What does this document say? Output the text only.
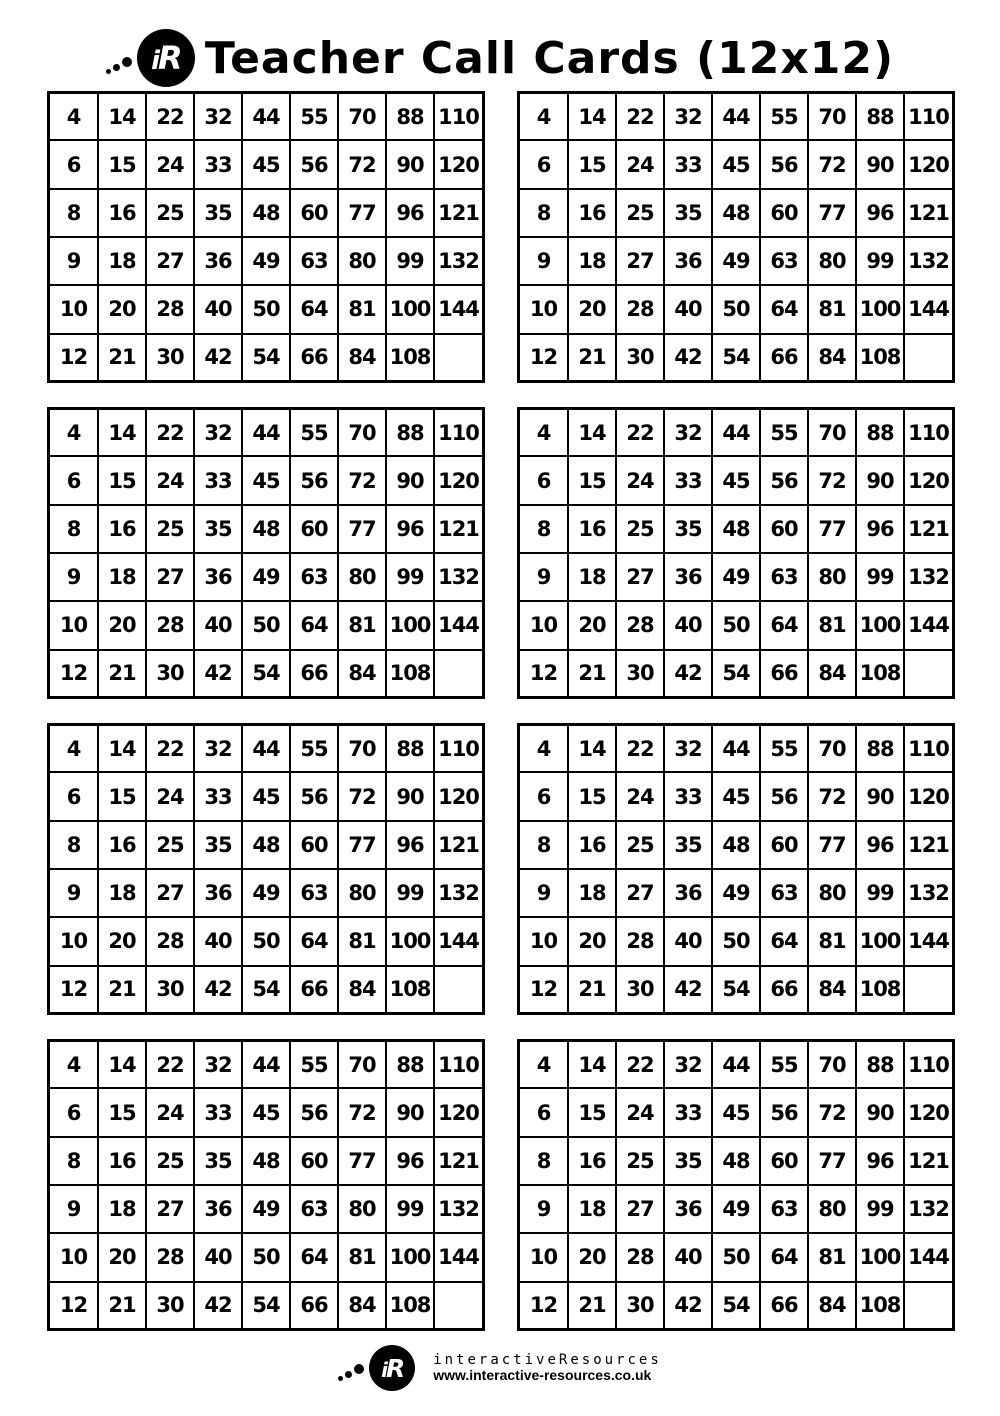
iR Teacher Call Cards (12x12)
4	14	22	32	44	55	70	88	110
6	15	24	33	45	56	72	90	120
8	16	25	35	48	60	77	96	121
9	18	27	36	49	63	80	99	132
10	20	28	40	50	64	81	100	144
12	21	30	42	54	66	84	108	
4	14	22	32	44	55	70	88	110
6	15	24	33	45	56	72	90	120
8	16	25	35	48	60	77	96	121
9	18	27	36	49	63	80	99	132
10	20	28	40	50	64	81	100	144
12	21	30	42	54	66	84	108	
4	14	22	32	44	55	70	88	110
6	15	24	33	45	56	72	90	120
8	16	25	35	48	60	77	96	121
9	18	27	36	49	63	80	99	132
10	20	28	40	50	64	81	100	144
12	21	30	42	54	66	84	108	
4	14	22	32	44	55	70	88	110
6	15	24	33	45	56	72	90	120
8	16	25	35	48	60	77	96	121
9	18	27	36	49	63	80	99	132
10	20	28	40	50	64	81	100	144
12	21	30	42	54	66	84	108	
4	14	22	32	44	55	70	88	110
6	15	24	33	45	56	72	90	120
8	16	25	35	48	60	77	96	121
9	18	27	36	49	63	80	99	132
10	20	28	40	50	64	81	100	144
12	21	30	42	54	66	84	108	
4	14	22	32	44	55	70	88	110
6	15	24	33	45	56	72	90	120
8	16	25	35	48	60	77	96	121
9	18	27	36	49	63	80	99	132
10	20	28	40	50	64	81	100	144
12	21	30	42	54	66	84	108	
4	14	22	32	44	55	70	88	110
6	15	24	33	45	56	72	90	120
8	16	25	35	48	60	77	96	121
9	18	27	36	49	63	80	99	132
10	20	28	40	50	64	81	100	144
12	21	30	42	54	66	84	108	
4	14	22	32	44	55	70	88	110
6	15	24	33	45	56	72	90	120
8	16	25	35	48	60	77	96	121
9	18	27	36	49	63	80	99	132
10	20	28	40	50	64	81	100	144
12	21	30	42	54	66	84	108	
iR interactiveResources
www.interactive-resources.co.uk
